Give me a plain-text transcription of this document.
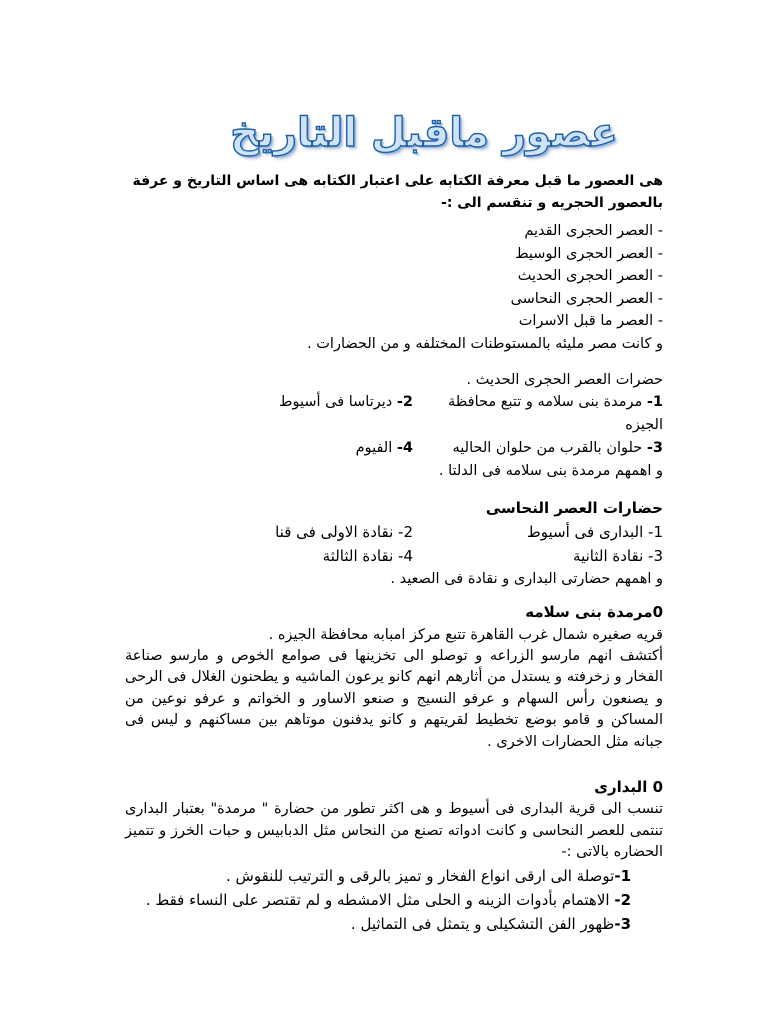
عصور ماقبل التاريخ

هى العصور ما قبل معرفة الكتابه على اعتبار الكتابه هى اساس التاريخ و عرفة بالعصور الحجريه و تنقسم الى :-

- العصر الحجرى القديم
- العصر الحجرى الوسيط
- العصر الحجرى الحديث
- العصر الحجرى النحاسى
- العصر ما قبل الاسرات

و كانت مصر مليئه بالمستوطنات المختلفه و من الحضارات .

حضرات العصر الحجرى الحديث .

1- مرمدة بنى سلامه و تتبع محافظة الجيزه
2- ديرتاسا فى أسيوط
3- حلوان بالقرب من حلوان الحاليه
4- الفيوم

و اهمهم مرمدة بنى سلامه فى الدلتا .

حضارات العصر النحاسى

1- البدارى فى أسيوط
2- نقادة الاولى فى قنا
3- نقادة الثانية
4- نقادة الثالثة

و اهمهم حضارتى البدارى و نقادة فى الصعيد .

0مرمدة بنى سلامه

قريه صغيره شمال غرب القاهرة تتبع مركز امبابه محافظة الجيزه .

أكتشف انهم مارسو الزراعه و توصلو الى تخزينها فى صوامع الخوص و مارسو صناعة الفخار و زخرفته و يستدل من أثارهم انهم كانو يرعون الماشيه و يطحنون الغلال فى الرحى و يصنعون رأس السهام و عرفو النسيج و صنعو الاساور و الخواتم و عرفو نوعين من المساكن و قامو بوضع تخطيط لقريتهم و كانو يدفنون موتاهم بين مساكنهم و ليس فى جبانه مثل الحضارات الاخرى .

0 البدارى

تنسب الى قرية البدارى فى أسيوط و هى اكثر تطور من حضارة " مرمدة" بعتبار البدارى تنتمى للعصر النحاسى و كانت ادواته تصنع من النحاس مثل الدبابيس و حبات الخرز و تتميز الحضاره بالاتى :-

1-توصلة الى ارقى انواع الفخار و تميز بالرقى و الترتيب للنقوش .

2- الاهتمام بأدوات الزينه و الحلى مثل الامشطه و لم تقتصر على النساء فقط .

3-ظهور الفن التشكيلى و يتمثل فى التماثيل .
